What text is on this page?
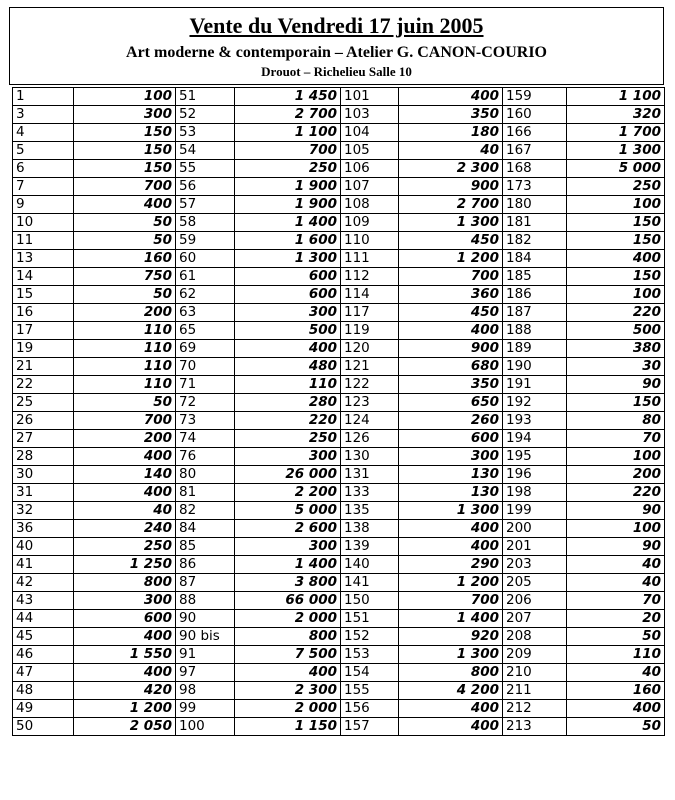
Vente du Vendredi 17 juin 2005
Art moderne & contemporain – Atelier G. CANON-COURIO
Drouot – Richelieu Salle 10
1	100	51	1 450	101	400	159	1 100
3	300	52	2 700	103	350	160	320
4	150	53	1 100	104	180	166	1 700
5	150	54	700	105	40	167	1 300
6	150	55	250	106	2 300	168	5 000
7	700	56	1 900	107	900	173	250
9	400	57	1 900	108	2 700	180	100
10	50	58	1 400	109	1 300	181	150
11	50	59	1 600	110	450	182	150
13	160	60	1 300	111	1 200	184	400
14	750	61	600	112	700	185	150
15	50	62	600	114	360	186	100
16	200	63	300	117	450	187	220
17	110	65	500	119	400	188	500
19	110	69	400	120	900	189	380
21	110	70	480	121	680	190	30
22	110	71	110	122	350	191	90
25	50	72	280	123	650	192	150
26	700	73	220	124	260	193	80
27	200	74	250	126	600	194	70
28	400	76	300	130	300	195	100
30	140	80	26 000	131	130	196	200
31	400	81	2 200	133	130	198	220
32	40	82	5 000	135	1 300	199	90
36	240	84	2 600	138	400	200	100
40	250	85	300	139	400	201	90
41	1 250	86	1 400	140	290	203	40
42	800	87	3 800	141	1 200	205	40
43	300	88	66 000	150	700	206	70
44	600	90	2 000	151	1 400	207	20
45	400	90 bis	800	152	920	208	50
46	1 550	91	7 500	153	1 300	209	110
47	400	97	400	154	800	210	40
48	420	98	2 300	155	4 200	211	160
49	1 200	99	2 000	156	400	212	400
50	2 050	100	1 150	157	400	213	50
